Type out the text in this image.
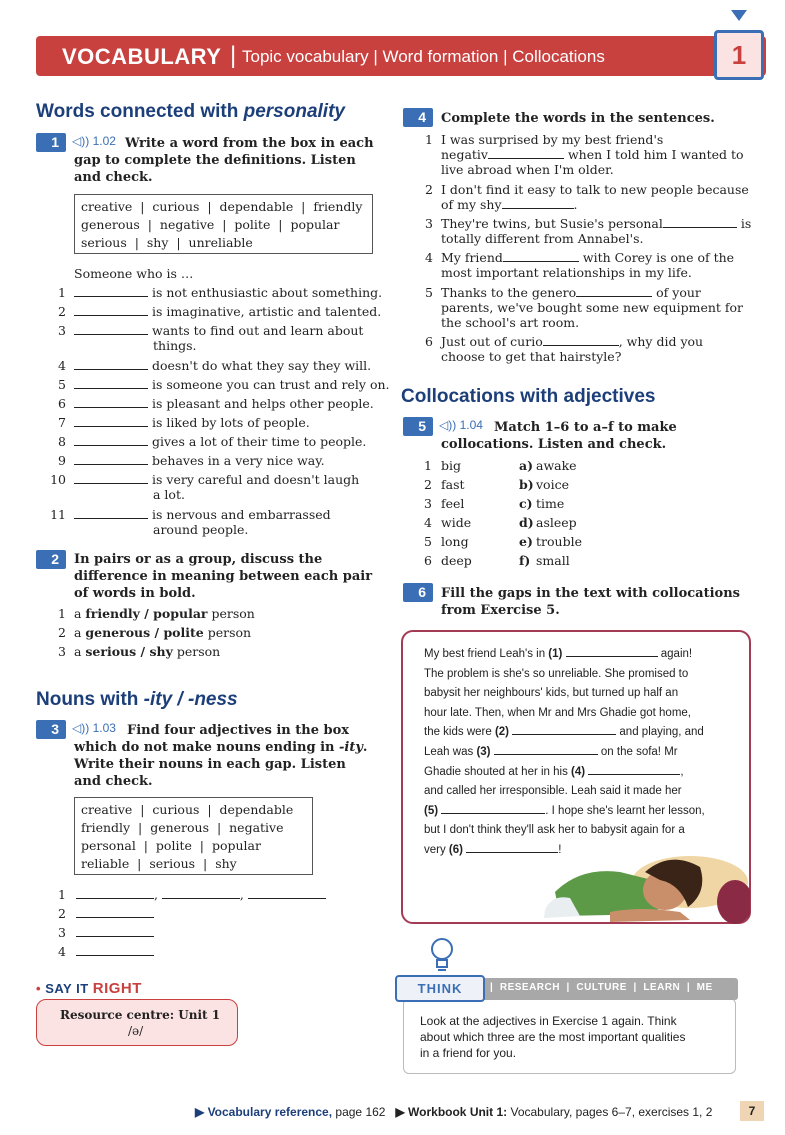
VOCABULARY | Topic vocabulary | Word formation | Collocations	1
Words connected with personality
1	◁)) 1.02 Write a word from the box in each
gap to complete the definitions. Listen
and check.
creative  |  curious  |  dependable  |  friendly
generous  |  negative  |  polite  |  popular
serious  |  shy  |  unreliable
Someone who is …
1	is not enthusiastic about something.
2	is imaginative, artistic and talented.
3	wants to find out and learn about
things.
4	doesn't do what they say they will.
5	is someone you can trust and rely on.
6	is pleasant and helps other people.
7	is liked by lots of people.
8	gives a lot of their time to people.
9	behaves in a very nice way.
10	is very careful and doesn't laugh
a lot.
11	is nervous and embarrassed
around people.
2	In pairs or as a group, discuss the
difference in meaning between each pair
of words in bold.
1 a friendly / popular person
2 a generous / polite person
3 a serious / shy person
Nouns with -ity / -ness
3	◁)) 1.03 Find four adjectives in the box
which do not make nouns ending in -ity.
Write their nouns in each gap. Listen
and check.
creative  |  curious  |  dependable
friendly  |  generous  |  negative
personal  |  polite  |  popular
reliable  |  serious  |  shy
1	,	,
2
3
4
• SAY IT RIGHT
Resource centre: Unit 1
/ə/
4	Complete the words in the sentences.
1 I was surprised by my best friend's
negativ	when I told him I wanted to
live abroad when I'm older.
2 I don't find it easy to talk to new people because
of my shy	.
3 They're twins, but Susie's personal	is
totally different from Annabel's.
4 My friend	with Corey is one of the
most important relationships in my life.
5 Thanks to the genero	of your
parents, we've bought some new equipment for
the school's art room.
6 Just out of curio	, why did you
choose to get that hairstyle?
Collocations with adjectives
5	◁)) 1.04 Match 1–6 to a–f to make
collocations. Listen and check.
1 big	a) awake
2 fast	b) voice
3 feel	c) time
4 wide	d) asleep
5 long	e) trouble
6 deep	f) small
6	Fill the gaps in the text with collocations
from Exercise 5.
My best friend Leah's in (1)	again!
The problem is she's so unreliable. She promised to
babysit her neighbours' kids, but turned up half an
hour late. Then, when Mr and Mrs Ghadie got home,
the kids were (2)	and playing, and
Leah was (3)	on the sofa! Mr
Ghadie shouted at her in his (4)	,
and called her irresponsible. Leah said it made her
(5)	. I hope she's learnt her lesson,
but I don't think they'll ask her to babysit again for a
very (6)	!
THINK	|  RESEARCH  |  CULTURE  |  LEARN  |  ME
Look at the adjectives in Exercise 1 again. Think
about which three are the most important qualities
in a friend for you.
▶ Vocabulary reference, page 162   ▶ Workbook Unit 1: Vocabulary, pages 6–7, exercises 1, 2	7
